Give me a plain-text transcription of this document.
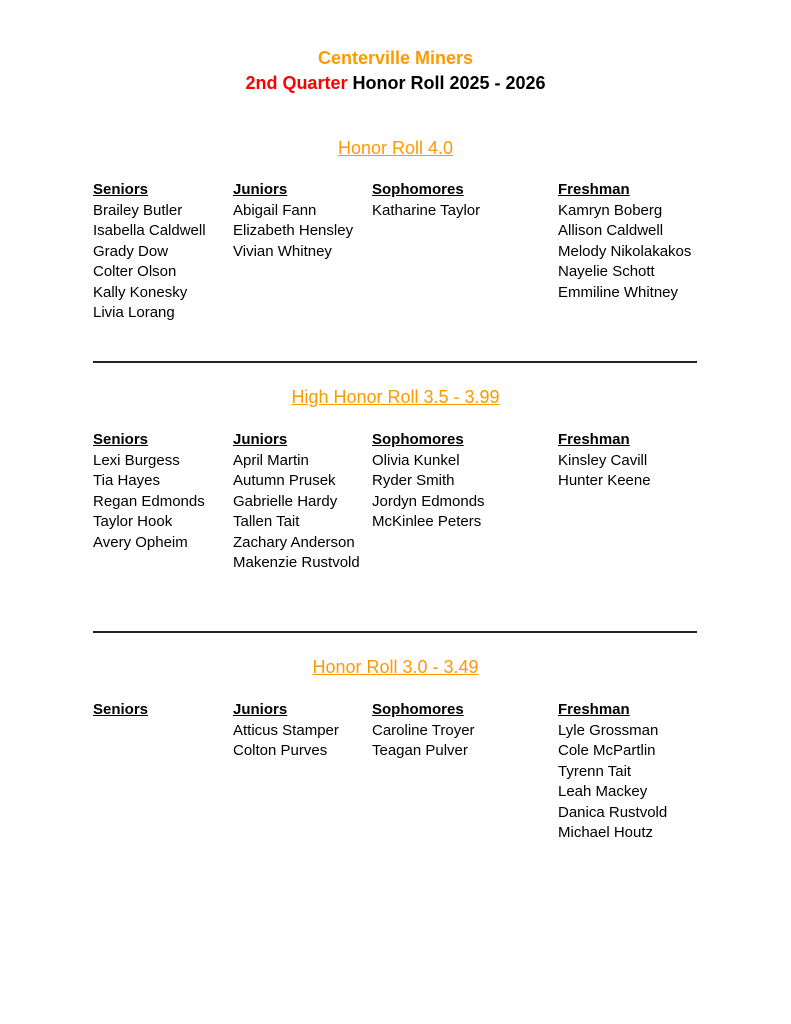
Centerville Miners
2nd Quarter Honor Roll 2025 - 2026
Honor Roll 4.0
Seniors
Brailey Butler
Isabella Caldwell
Grady Dow
Colter Olson
Kally Konesky
Livia Lorang
Juniors
Abigail Fann
Elizabeth Hensley
Vivian Whitney
Sophomores
Katharine Taylor
Freshman
Kamryn Boberg
Allison Caldwell
Melody Nikolakakos
Nayelie Schott
Emmiline Whitney
High Honor Roll 3.5 - 3.99
Seniors
Lexi Burgess
Tia Hayes
Regan Edmonds
Taylor Hook
Avery Opheim
Juniors
April Martin
Autumn Prusek
Gabrielle Hardy
Tallen Tait
Zachary Anderson
Makenzie Rustvold
Sophomores
Olivia Kunkel
Ryder Smith
Jordyn Edmonds
McKinlee Peters
Freshman
Kinsley Cavill
Hunter Keene
Honor Roll 3.0 - 3.49
Seniors	Juniors
Atticus Stamper
Colton Purves
Sophomores
Caroline Troyer
Teagan Pulver
Freshman
Lyle Grossman
Cole McPartlin
Tyrenn Tait
Leah Mackey
Danica Rustvold
Michael Houtz
